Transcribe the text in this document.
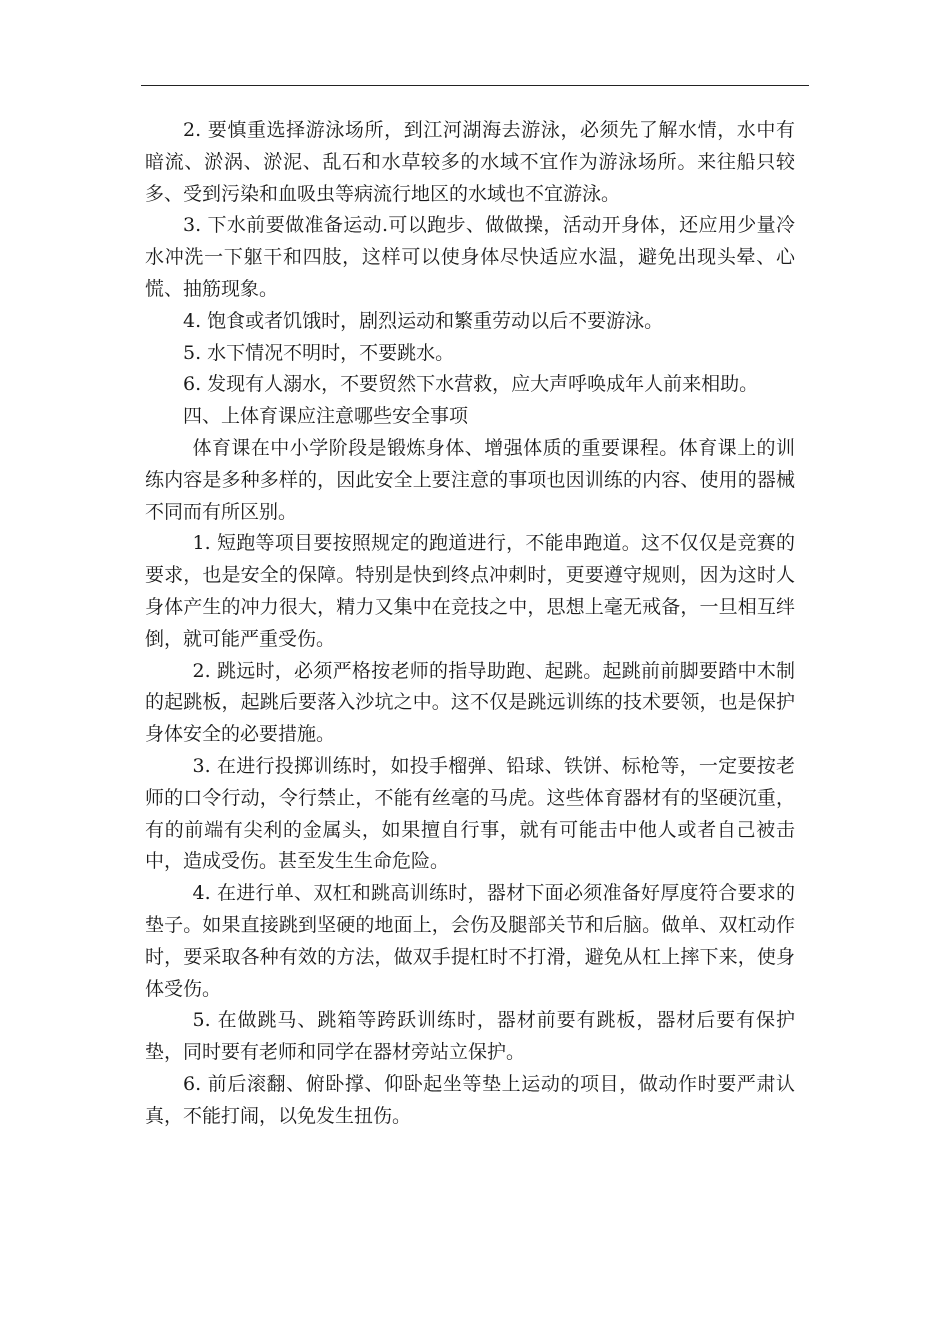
2. 要慎重选择游泳场所，到江河湖海去游泳，必须先了解水情，水中有暗流、淤涡、淤泥、乱石和水草较多的水域不宜作为游泳场所。来往船只较多、受到污染和血吸虫等病流行地区的水域也不宜游泳。

3. 下水前要做准备运动.可以跑步、做做操，活动开身体，还应用少量冷水冲洗一下躯干和四肢，这样可以使身体尽快适应水温，避免出现头晕、心慌、抽筋现象。

4. 饱食或者饥饿时，剧烈运动和繁重劳动以后不要游泳。

5. 水下情况不明时，不要跳水。

6. 发现有人溺水，不要贸然下水营救，应大声呼唤成年人前来相助。

四、上体育课应注意哪些安全事项

体育课在中小学阶段是锻炼身体、增强体质的重要课程。体育课上的训练内容是多种多样的，因此安全上要注意的事项也因训练的内容、使用的器械不同而有所区别。

1. 短跑等项目要按照规定的跑道进行，不能串跑道。这不仅仅是竞赛的要求，也是安全的保障。特别是快到终点冲刺时，更要遵守规则，因为这时人身体产生的冲力很大，精力又集中在竞技之中，思想上毫无戒备，一旦相互绊倒，就可能严重受伤。

2. 跳远时，必须严格按老师的指导助跑、起跳。起跳前前脚要踏中木制的起跳板，起跳后要落入沙坑之中。这不仅是跳远训练的技术要领，也是保护身体安全的必要措施。

3. 在进行投掷训练时，如投手榴弹、铅球、铁饼、标枪等，一定要按老师的口令行动，令行禁止，不能有丝毫的马虎。这些体育器材有的坚硬沉重，有的前端有尖利的金属头，如果擅自行事，就有可能击中他人或者自己被击中，造成受伤。甚至发生生命危险。

4. 在进行单、双杠和跳高训练时，器材下面必须准备好厚度符合要求的垫子。如果直接跳到坚硬的地面上，会伤及腿部关节和后脑。做单、双杠动作时，要采取各种有效的方法，做双手提杠时不打滑，避免从杠上摔下来，使身体受伤。

5. 在做跳马、跳箱等跨跃训练时，器材前要有跳板，器材后要有保护垫，同时要有老师和同学在器材旁站立保护。

6. 前后滚翻、俯卧撑、仰卧起坐等垫上运动的项目，做动作时要严肃认真，不能打闹，以免发生扭伤。
